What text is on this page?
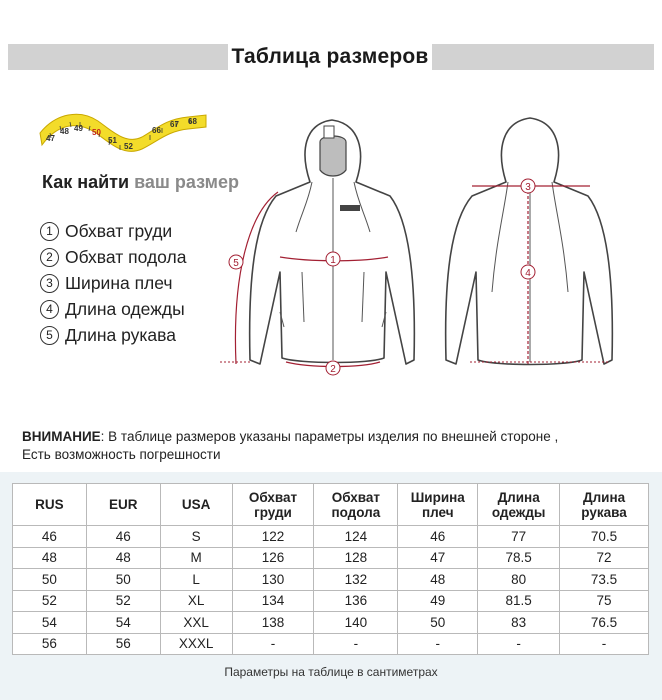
Таблица размеров
47
48 49 50
51
52
66
67 68
Как найти ваш размер
1 Обхват груди
2 Обхват подола
3 Ширина плеч
4 Длина одежды
5 Длина рукава
1
2
3
4
5
ВНИМАНИЕ: В таблице размеров указаны параметры изделия по внешней стороне ,
Есть возможность погрешности
RUS	EUR	USA	Обхват груди	Обхват подола	Ширина плеч	Длина одежды	Длина рукава
46	46	S	122	124	46	77	70.5
48	48	M	126	128	47	78.5	72
50	50	L	130	132	48	80	73.5
52	52	XL	134	136	49	81.5	75
54	54	XXL	138	140	50	83	76.5
56	56	XXXL	-	-	-	-	-
Параметры на таблице в сантиметрах
